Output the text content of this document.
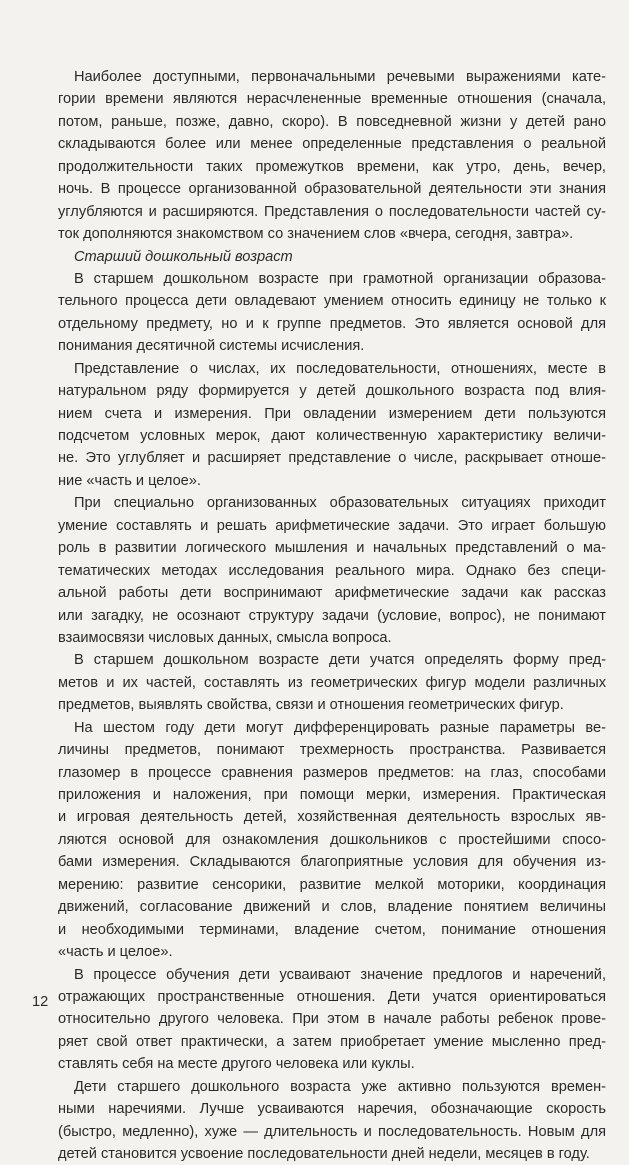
Наиболее доступными, первоначальными речевыми выражениями кате-
гории времени являются нерасчлененные временные отношения (сначала,
потом, раньше, позже, давно, скоро). В повседневной жизни у детей рано
складываются более или менее определенные представления о реальной
продолжительности таких промежутков времени, как утро, день, вечер,
ночь. В процессе организованной образовательной деятельности эти знания
углубляются и расширяются. Представления о последовательности частей су-
ток дополняются знакомством со значением слов «вчера, сегодня, завтра».
Старший дошкольный возраст
В старшем дошкольном возрасте при грамотной организации образова-
тельного процесса дети овладевают умением относить единицу не только к
отдельному предмету, но и к группе предметов. Это является основой для
понимания десятичной системы исчисления.
Представление о числах, их последовательности, отношениях, месте в
натуральном ряду формируется у детей дошкольного возраста под влия-
нием счета и измерения. При овладении измерением дети пользуются
подсчетом условных мерок, дают количественную характеристику величи-
не. Это углубляет и расширяет представление о числе, раскрывает отноше-
ние «часть и целое».
При специально организованных образовательных ситуациях приходит
умение составлять и решать арифметические задачи. Это играет большую
роль в развитии логического мышления и начальных представлений о ма-
тематических методах исследования реального мира. Однако без специ-
альной работы дети воспринимают арифметические задачи как рассказ
или загадку, не осознают структуру задачи (условие, вопрос), не понимают
взаимосвязи числовых данных, смысла вопроса.
В старшем дошкольном возрасте дети учатся определять форму пред-
метов и их частей, составлять из геометрических фигур модели различных
предметов, выявлять свойства, связи и отношения геометрических фигур.
На шестом году дети могут дифференцировать разные параметры ве-
личины предметов, понимают трехмерность пространства. Развивается
глазомер в процессе сравнения размеров предметов: на глаз, способами
приложения и наложения, при помощи мерки, измерения. Практическая
и игровая деятельность детей, хозяйственная деятельность взрослых яв-
ляются основой для ознакомления дошкольников с простейшими спосо-
бами измерения. Складываются благоприятные условия для обучения из-
мерению: развитие сенсорики, развитие мелкой моторики, координация
движений, согласование движений и слов, владение понятием величины
и необходимыми терминами, владение счетом, понимание отношения
«часть и целое».
В процессе обучения дети усваивают значение предлогов и наречений,
отражающих пространственные отношения. Дети учатся ориентироваться
относительно другого человека. При этом в начале работы ребенок прове-
ряет свой ответ практически, а затем приобретает умение мысленно пред-
ставлять себя на месте другого человека или куклы.
Дети старшего дошкольного возраста уже активно пользуются времен-
ными наречиями. Лучше усваиваются наречия, обозначающие скорость
(быстро, медленно), хуже — длительность и последовательность. Новым для
детей становится усвоение последовательности дней недели, месяцев в году.
12
